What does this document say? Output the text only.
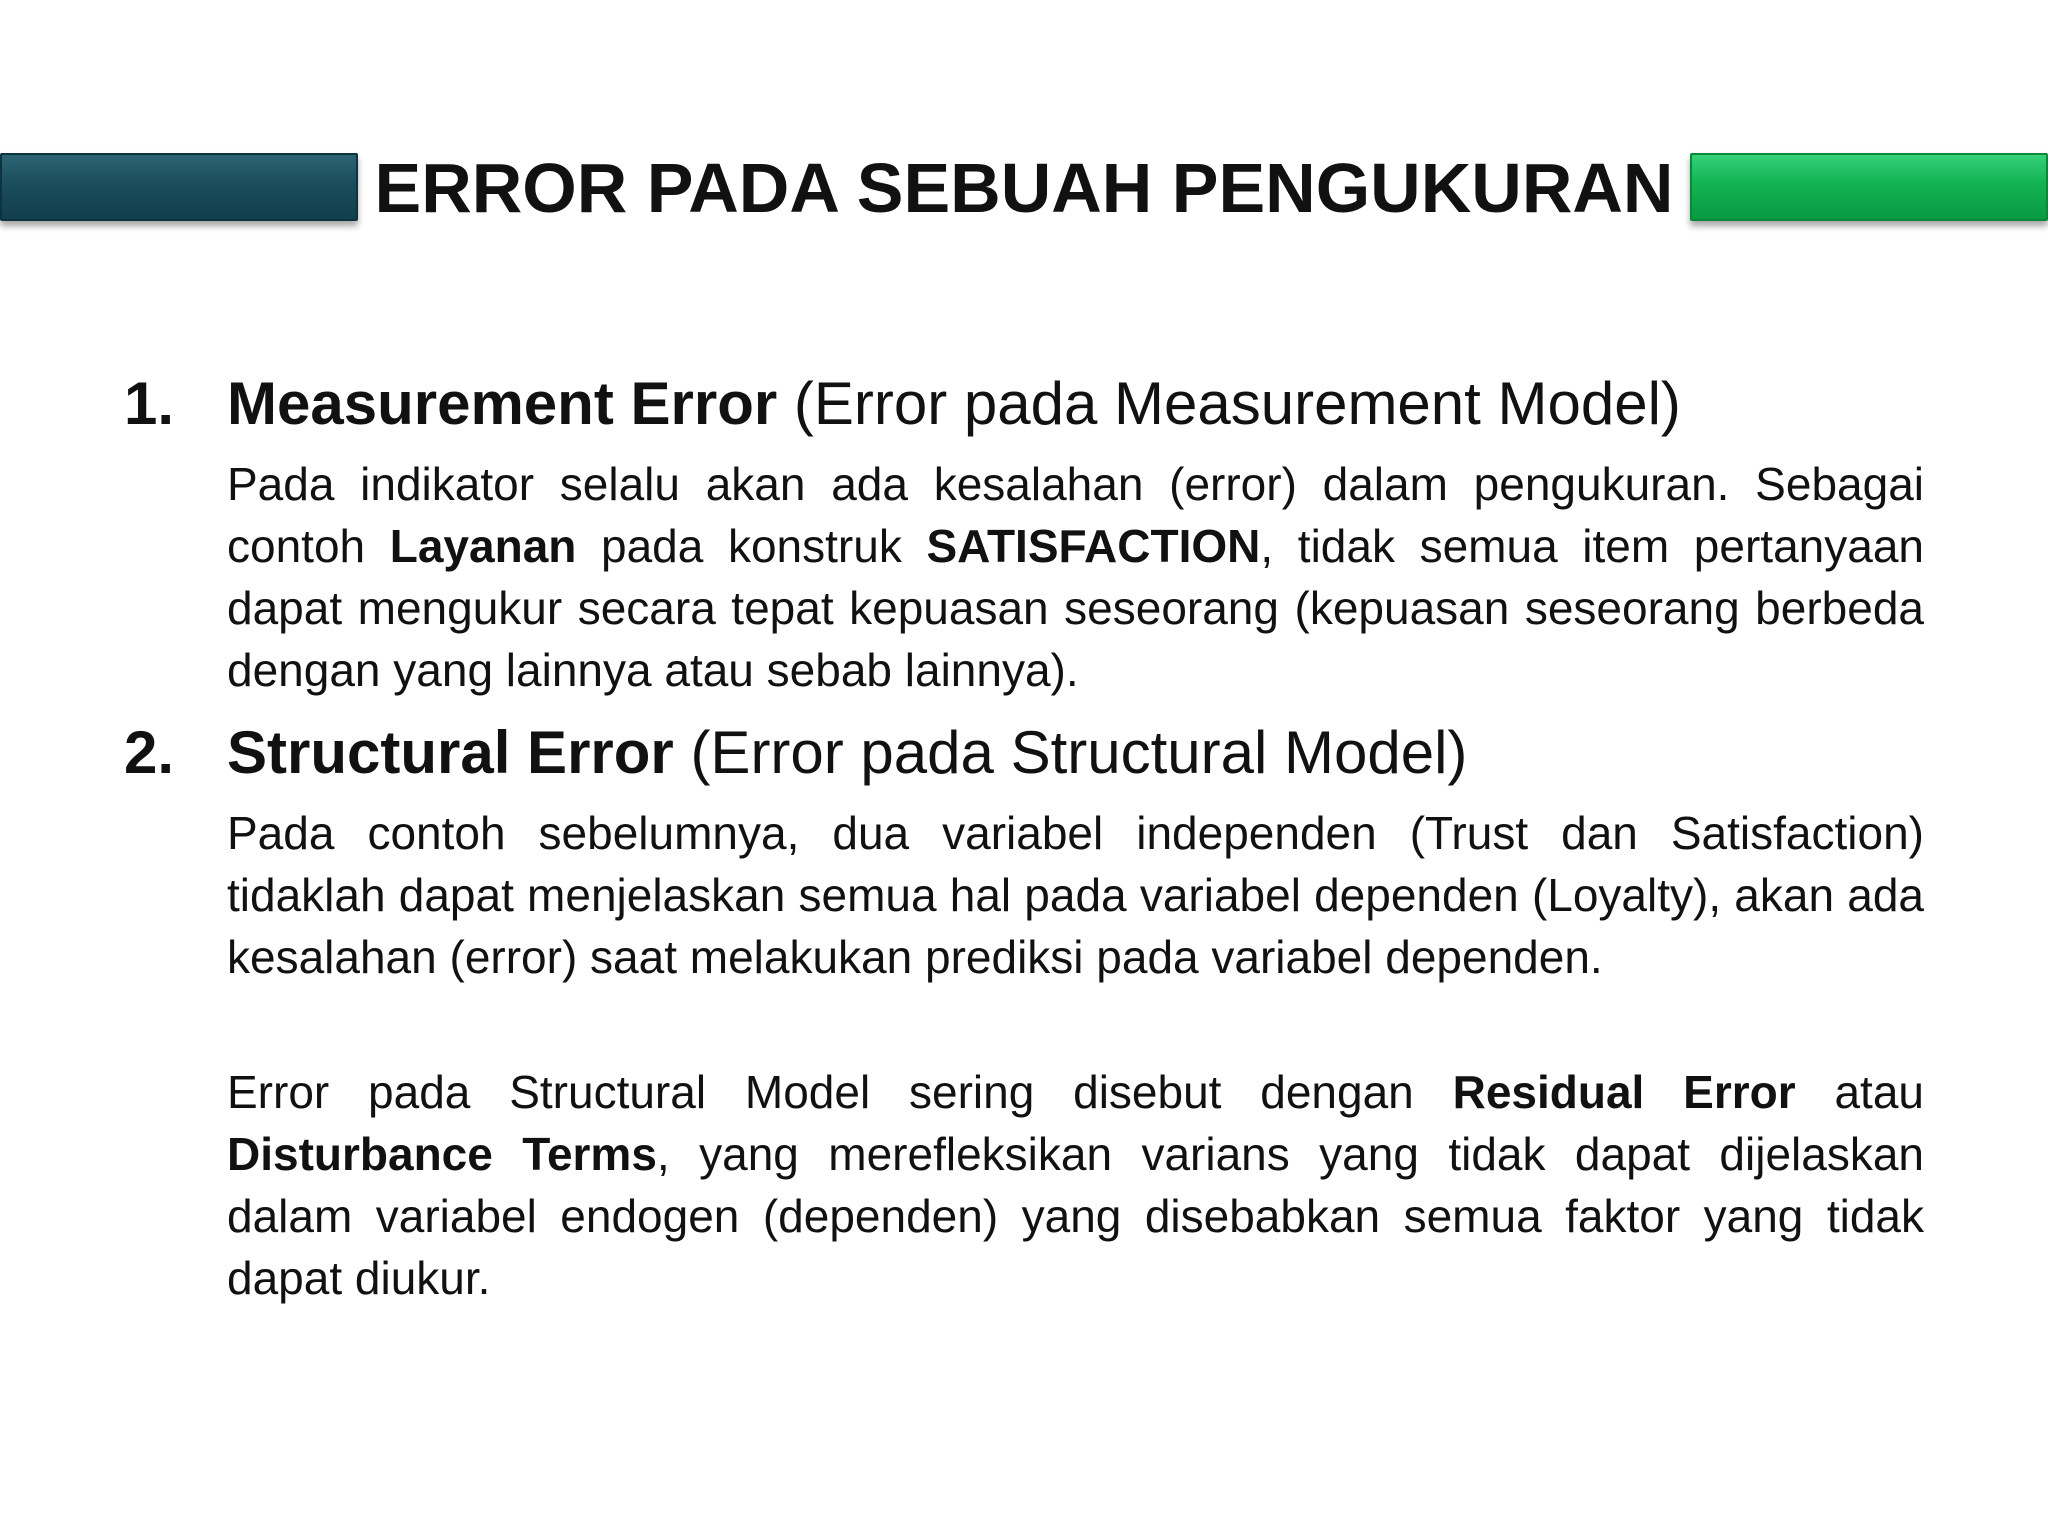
ERROR PADA SEBUAH PENGUKURAN
1. Measurement Error (Error pada Measurement Model)

Pada indikator selalu akan ada kesalahan (error) dalam pengukuran. Sebagai contoh Layanan pada konstruk SATISFACTION, tidak semua item pertanyaan dapat mengukur secara tepat kepuasan seseorang (kepuasan seseorang berbeda dengan yang lainnya atau sebab lainnya).

2. Structural Error (Error pada Structural Model)

Pada contoh sebelumnya, dua variabel independen (Trust dan Satisfaction) tidaklah dapat menjelaskan semua hal pada variabel dependen (Loyalty), akan ada kesalahan (error) saat melakukan prediksi pada variabel dependen.

Error pada Structural Model sering disebut dengan Residual Error atau Disturbance Terms, yang merefleksikan varians yang tidak dapat dijelaskan dalam variabel endogen (dependen) yang disebabkan semua faktor yang tidak dapat diukur.
